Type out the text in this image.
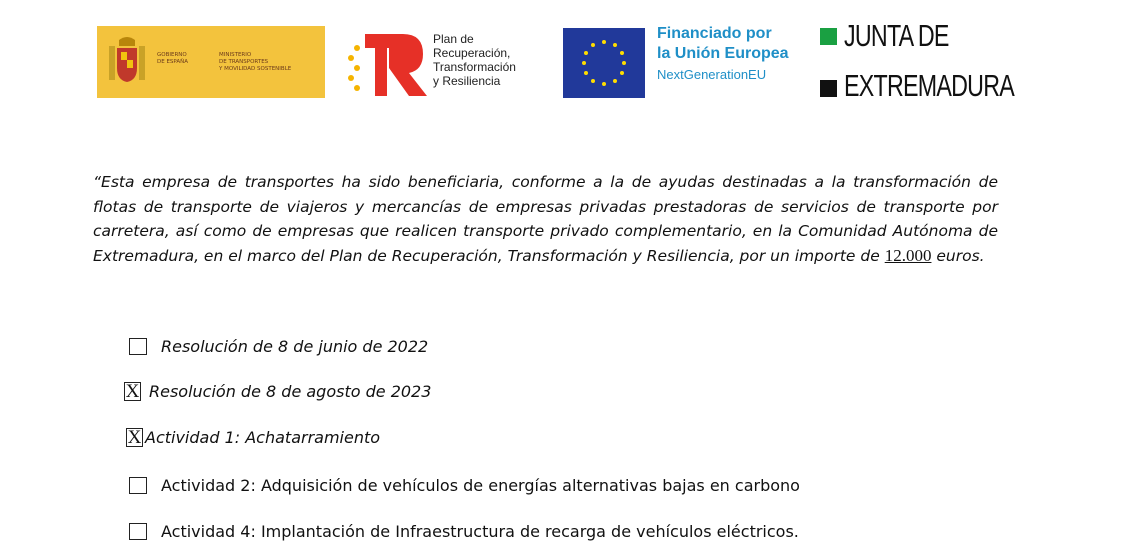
GOBIERNO
DE ESPAÑA
MINISTERIO
DE TRANSPORTES
Y MOVILIDAD SOSTENIBLE
Plan de
Recuperación,
Transformación
y Resiliencia
Financiado por
la Unión Europea
NextGenerationEU
JUNTA DE
EXTREMADURA
“Esta empresa de transportes ha sido beneficiaria, conforme a la de ayudas destinadas a la transformación de flotas de transporte de viajeros y mercancías de empresas privadas prestadoras de servicios de transporte por carretera, así como de empresas que realicen transporte privado complementario, en la Comunidad Autónoma de Extremadura, en el marco del Plan de Recuperación, Transformación y Resiliencia, por un importe de 12.000 euros.
Resolución de 8 de junio de 2022
X Resolución de 8 de agosto de 2023
X Actividad 1: Achatarramiento
Actividad 2: Adquisición de vehículos de energías alternativas bajas en carbono
Actividad 4: Implantación de Infraestructura de recarga de vehículos eléctricos.
